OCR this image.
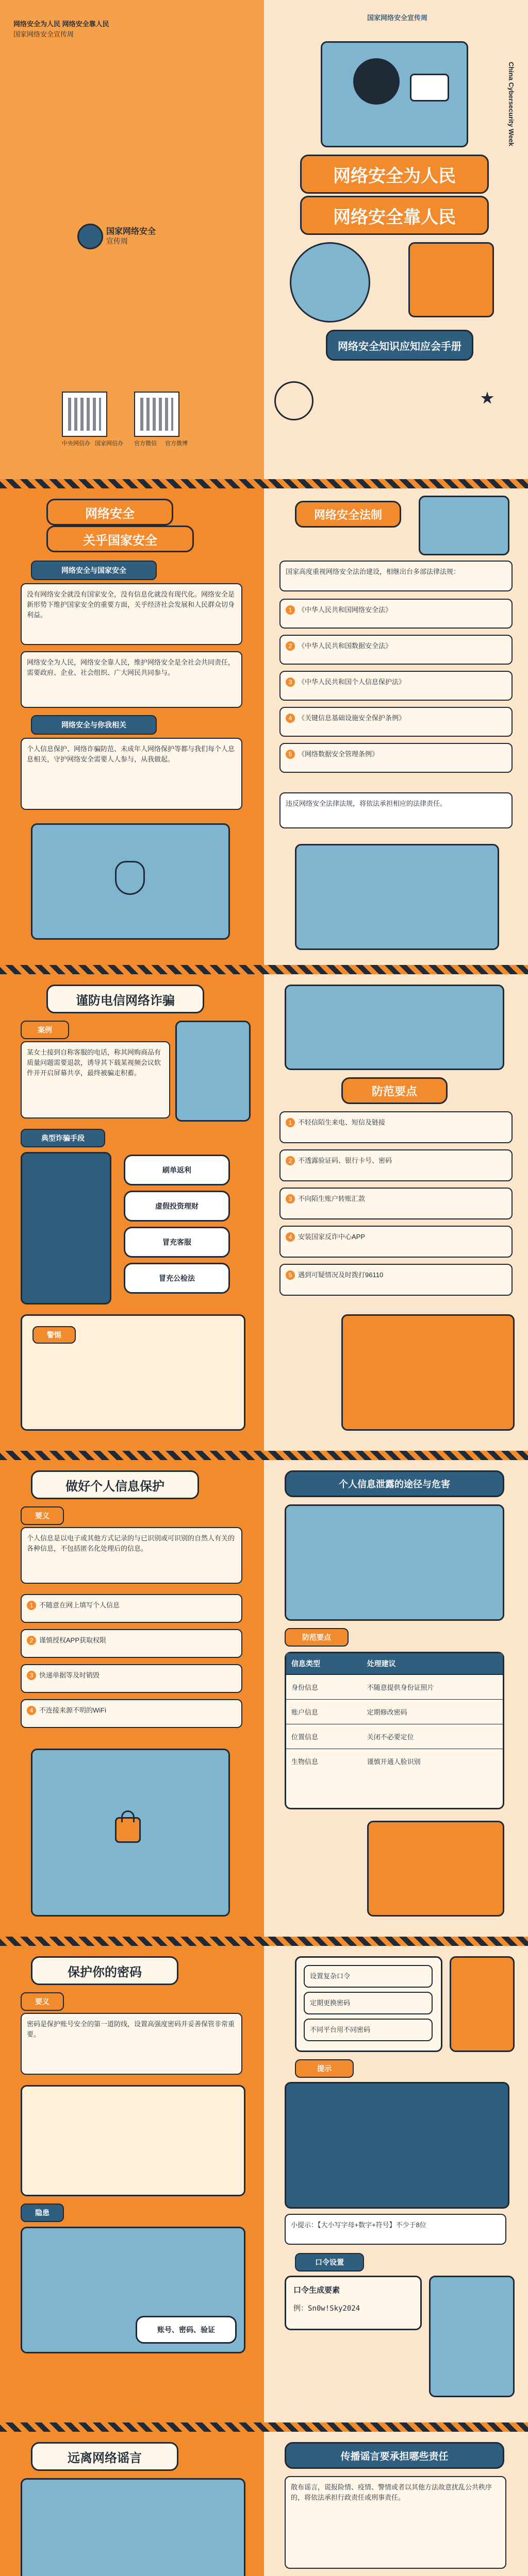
网络安全为人民 网络安全靠人民
国家网络安全宣传周
国家网络安全
宣传周
中央网信办 国家网信办 官方微信 官方微博
国家网络安全宣传周
网络安全为人民
网络安全靠人民
网络安全知识应知应会手册
China Cybersecurity Week
网络安全
关乎国家安全
网络安全与国家安全
没有网络安全就没有国家安全，没有信息化就没有现代化。网络安全是新形势下维护国家安全的重要方面，关乎经济社会发展和人民群众切身利益。
网络安全为人民，网络安全靠人民，维护网络安全是全社会共同责任，需要政府、企业、社会组织、广大网民共同参与。
网络安全与你我相关
个人信息保护、网络诈骗防范、未成年人网络保护等都与我们每个人息息相关，守护网络安全需要人人参与，从我做起。
网络安全法制
国家高度重视网络安全法治建设，相继出台多部法律法规：
1 《中华人民共和国网络安全法》
2 《中华人民共和国数据安全法》
3 《中华人民共和国个人信息保护法》
4 《关键信息基础设施安全保护条例》
5 《网络数据安全管理条例》
违反网络安全法律法规，将依法承担相应的法律责任。
谨防电信网络诈骗
案例
某女士接到自称客服的电话，称其网购商品有质量问题需要退款，诱导其下载某视频会议软件并开启屏幕共享，最终被骗走积蓄。
典型诈骗手段
刷单返利
虚假投资理财
冒充客服
冒充公检法
警惕
防范要点
1 不轻信陌生来电、短信及链接
2 不透露验证码、银行卡号、密码
3 不向陌生账户转账汇款
4 安装国家反诈中心APP
5 遇到可疑情况及时拨打96110
做好个人信息保护
要义
个人信息是以电子或其他方式记录的与已识别或可识别的自然人有关的各种信息，不包括匿名化处理后的信息。
1 不随意在网上填写个人信息
2 谨慎授权APP获取权限
3 快递单据等及时销毁
4 不连接来源不明的WiFi
个人信息泄露的途径与危害
防范要点
信息类型	处理建议
身份信息	不随意提供身份证照片
账户信息	定期修改密码
位置信息	关闭不必要定位
生物信息	谨慎开通人脸识别
保护你的密码
要义
密码是保护账号安全的第一道防线，设置高强度密码并妥善保管非常重要。
隐患
账号、密码、验证
设置复杂口令
定期更换密码
不同平台用不同密码
提示
小提示：【大小写字母+数字+符号】不少于8位
口令设置
口令生成要素
例：Sn0w!Sky2024
远离网络谣言	传播谣言要承担哪些责任
散布谣言，谎报险情、疫情、警情或者以其他方法故意扰乱公共秩序的，将依法承担行政责任或刑事责任。
